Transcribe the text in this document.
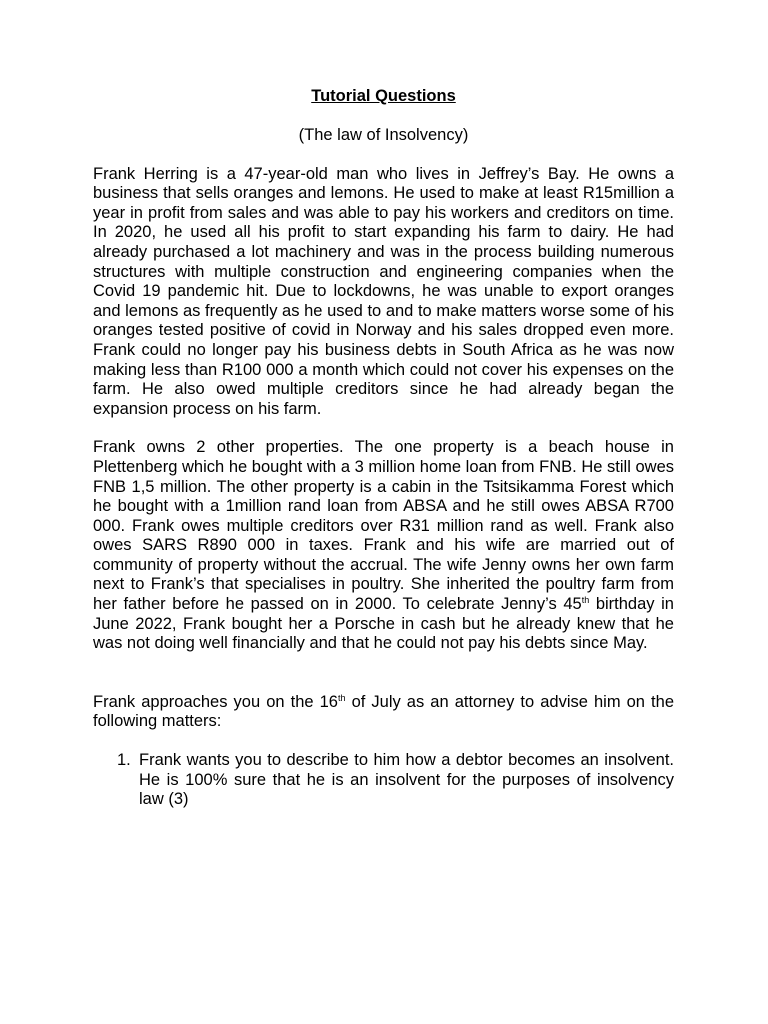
Tutorial Questions

(The law of Insolvency)

Frank Herring is a 47-year-old man who lives in Jeffrey’s Bay. He owns a business that sells oranges and lemons. He used to make at least R15million a year in profit from sales and was able to pay his workers and creditors on time. In 2020, he used all his profit to start expanding his farm to dairy. He had already purchased a lot machinery and was in the process building numerous structures with multiple construction and engineering companies when the Covid 19 pandemic hit. Due to lockdowns, he was unable to export oranges and lemons as frequently as he used to and to make matters worse some of his oranges tested positive of covid in Norway and his sales dropped even more. Frank could no longer pay his business debts in South Africa as he was now making less than R100 000 a month which could not cover his expenses on the farm. He also owed multiple creditors since he had already began the expansion process on his farm.

Frank owns 2 other properties. The one property is a beach house in Plettenberg which he bought with a 3 million home loan from FNB. He still owes FNB 1,5 million. The other property is a cabin in the Tsitsikamma Forest which he bought with a 1million rand loan from ABSA and he still owes ABSA R700 000. Frank owes multiple creditors over R31 million rand as well. Frank also owes SARS R890 000 in taxes. Frank and his wife are married out of community of property without the accrual. The wife Jenny owns her own farm next to Frank’s that specialises in poultry. She inherited the poultry farm from her father before he passed on in 2000. To celebrate Jenny’s 45th birthday in June 2022, Frank bought her a Porsche in cash but he already knew that he was not doing well financially and that he could not pay his debts since May.

Frank approaches you on the 16th of July as an attorney to advise him on the following matters:

1. Frank wants you to describe to him how a debtor becomes an insolvent. He is 100% sure that he is an insolvent for the purposes of insolvency law (3)
